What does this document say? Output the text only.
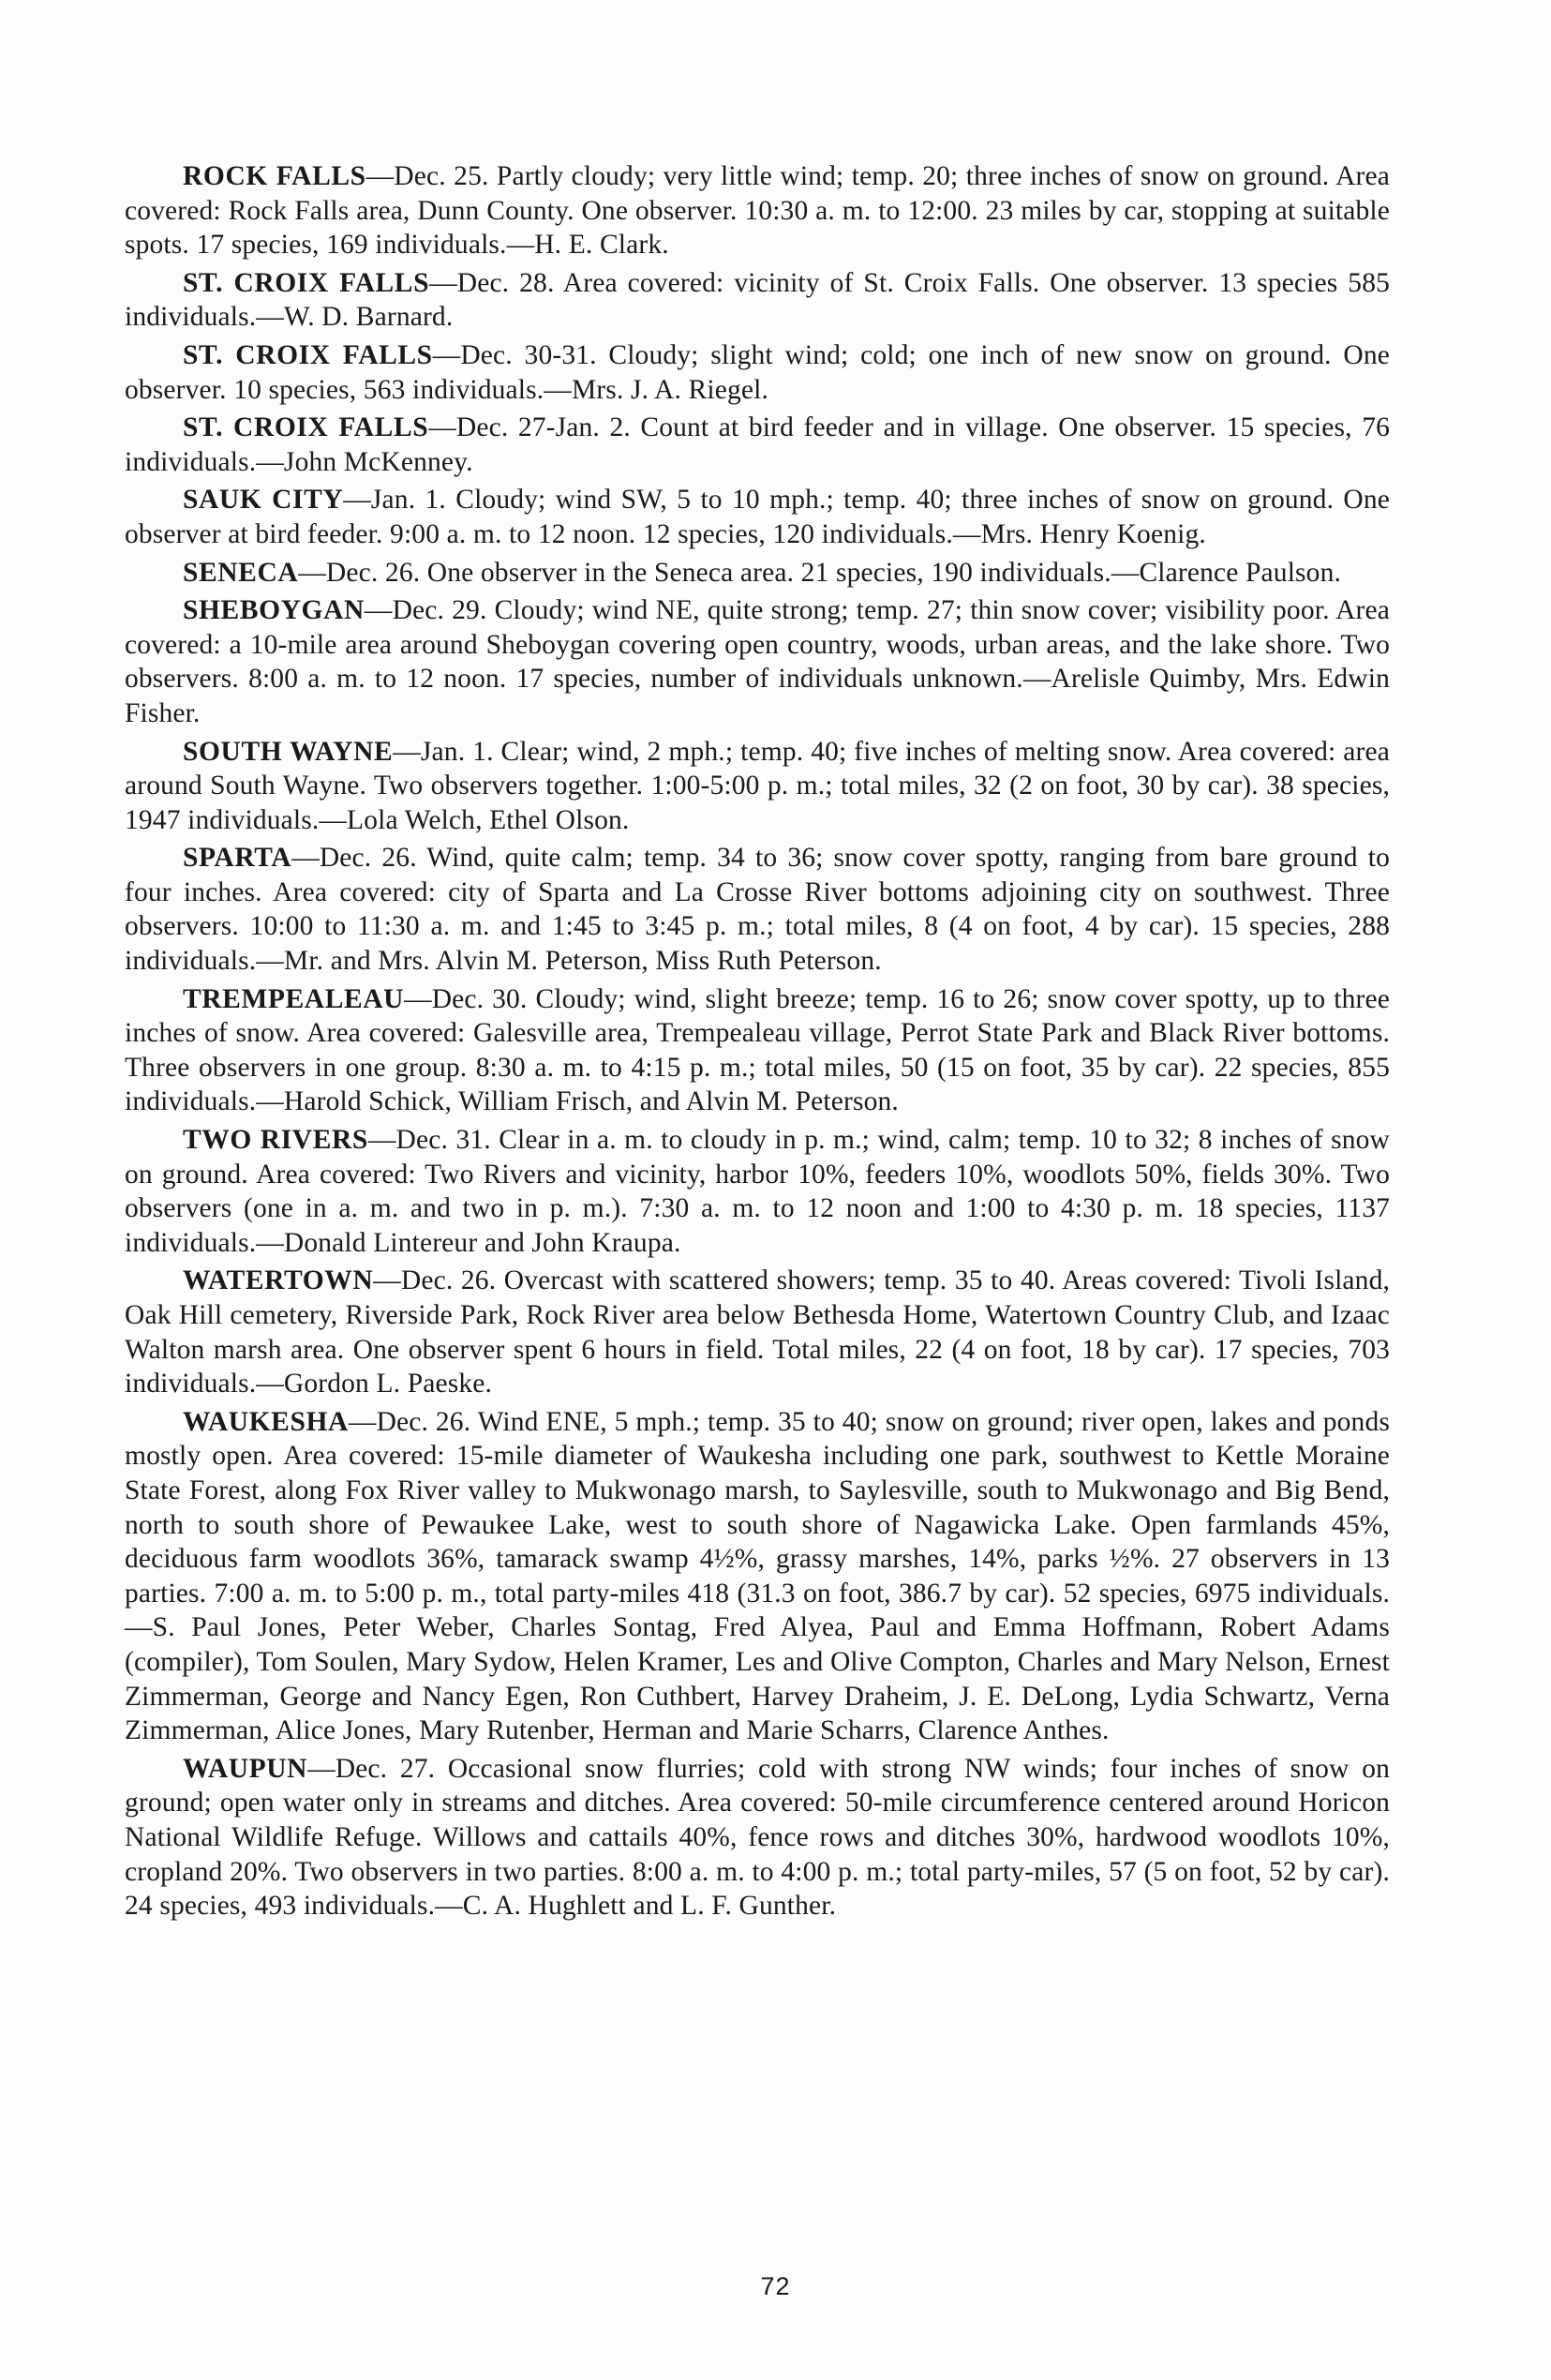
ROCK FALLS—Dec. 25. Partly cloudy; very little wind; temp. 20; three inches of snow on ground. Area covered: Rock Falls area, Dunn County. One observer. 10:30 a. m. to 12:00. 23 miles by car, stopping at suitable spots. 17 species, 169 individuals.—H. E. Clark.

ST. CROIX FALLS—Dec. 28. Area covered: vicinity of St. Croix Falls. One observer. 13 species 585 individuals.—W. D. Barnard.

ST. CROIX FALLS—Dec. 30-31. Cloudy; slight wind; cold; one inch of new snow on ground. One observer. 10 species, 563 individuals.—Mrs. J. A. Riegel.

ST. CROIX FALLS—Dec. 27-Jan. 2. Count at bird feeder and in village. One observer. 15 species, 76 individuals.—John McKenney.

SAUK CITY—Jan. 1. Cloudy; wind SW, 5 to 10 mph.; temp. 40; three inches of snow on ground. One observer at bird feeder. 9:00 a. m. to 12 noon. 12 species, 120 individuals.—Mrs. Henry Koenig.

SENECA—Dec. 26. One observer in the Seneca area. 21 species, 190 individuals.—Clarence Paulson.

SHEBOYGAN—Dec. 29. Cloudy; wind NE, quite strong; temp. 27; thin snow cover; visibility poor. Area covered: a 10-mile area around Sheboygan covering open country, woods, urban areas, and the lake shore. Two observers. 8:00 a. m. to 12 noon. 17 species, number of individuals unknown.—Arelisle Quimby, Mrs. Edwin Fisher.

SOUTH WAYNE—Jan. 1. Clear; wind, 2 mph.; temp. 40; five inches of melting snow. Area covered: area around South Wayne. Two observers together. 1:00-5:00 p. m.; total miles, 32 (2 on foot, 30 by car). 38 species, 1947 individuals.—Lola Welch, Ethel Olson.

SPARTA—Dec. 26. Wind, quite calm; temp. 34 to 36; snow cover spotty, ranging from bare ground to four inches. Area covered: city of Sparta and La Crosse River bottoms adjoining city on southwest. Three observers. 10:00 to 11:30 a. m. and 1:45 to 3:45 p. m.; total miles, 8 (4 on foot, 4 by car). 15 species, 288 individuals.—Mr. and Mrs. Alvin M. Peterson, Miss Ruth Peterson.

TREMPEALEAU—Dec. 30. Cloudy; wind, slight breeze; temp. 16 to 26; snow cover spotty, up to three inches of snow. Area covered: Galesville area, Trempealeau village, Perrot State Park and Black River bottoms. Three observers in one group. 8:30 a. m. to 4:15 p. m.; total miles, 50 (15 on foot, 35 by car). 22 species, 855 individuals.—Harold Schick, William Frisch, and Alvin M. Peterson.

TWO RIVERS—Dec. 31. Clear in a. m. to cloudy in p. m.; wind, calm; temp. 10 to 32; 8 inches of snow on ground. Area covered: Two Rivers and vicinity, harbor 10%, feeders 10%, woodlots 50%, fields 30%. Two observers (one in a. m. and two in p. m.). 7:30 a. m. to 12 noon and 1:00 to 4:30 p. m. 18 species, 1137 individuals.—Donald Lintereur and John Kraupa.

WATERTOWN—Dec. 26. Overcast with scattered showers; temp. 35 to 40. Areas covered: Tivoli Island, Oak Hill cemetery, Riverside Park, Rock River area below Bethesda Home, Watertown Country Club, and Izaac Walton marsh area. One observer spent 6 hours in field. Total miles, 22 (4 on foot, 18 by car). 17 species, 703 individuals.—Gordon L. Paeske.

WAUKESHA—Dec. 26. Wind ENE, 5 mph.; temp. 35 to 40; snow on ground; river open, lakes and ponds mostly open. Area covered: 15-mile diameter of Waukesha including one park, southwest to Kettle Moraine State Forest, along Fox River valley to Mukwonago marsh, to Saylesville, south to Mukwonago and Big Bend, north to south shore of Pewaukee Lake, west to south shore of Nagawicka Lake. Open farmlands 45%, deciduous farm woodlots 36%, tamarack swamp 4½%, grassy marshes, 14%, parks ½%. 27 observers in 13 parties. 7:00 a. m. to 5:00 p. m., total party-miles 418 (31.3 on foot, 386.7 by car). 52 species, 6975 individuals.—S. Paul Jones, Peter Weber, Charles Sontag, Fred Alyea, Paul and Emma Hoffmann, Robert Adams (compiler), Tom Soulen, Mary Sydow, Helen Kramer, Les and Olive Compton, Charles and Mary Nelson, Ernest Zimmerman, George and Nancy Egen, Ron Cuthbert, Harvey Draheim, J. E. DeLong, Lydia Schwartz, Verna Zimmerman, Alice Jones, Mary Rutenber, Herman and Marie Scharrs, Clarence Anthes.

WAUPUN—Dec. 27. Occasional snow flurries; cold with strong NW winds; four inches of snow on ground; open water only in streams and ditches. Area covered: 50-mile circumference centered around Horicon National Wildlife Refuge. Willows and cattails 40%, fence rows and ditches 30%, hardwood woodlots 10%, cropland 20%. Two observers in two parties. 8:00 a. m. to 4:00 p. m.; total party-miles, 57 (5 on foot, 52 by car). 24 species, 493 individuals.—C. A. Hughlett and L. F. Gunther.

72
